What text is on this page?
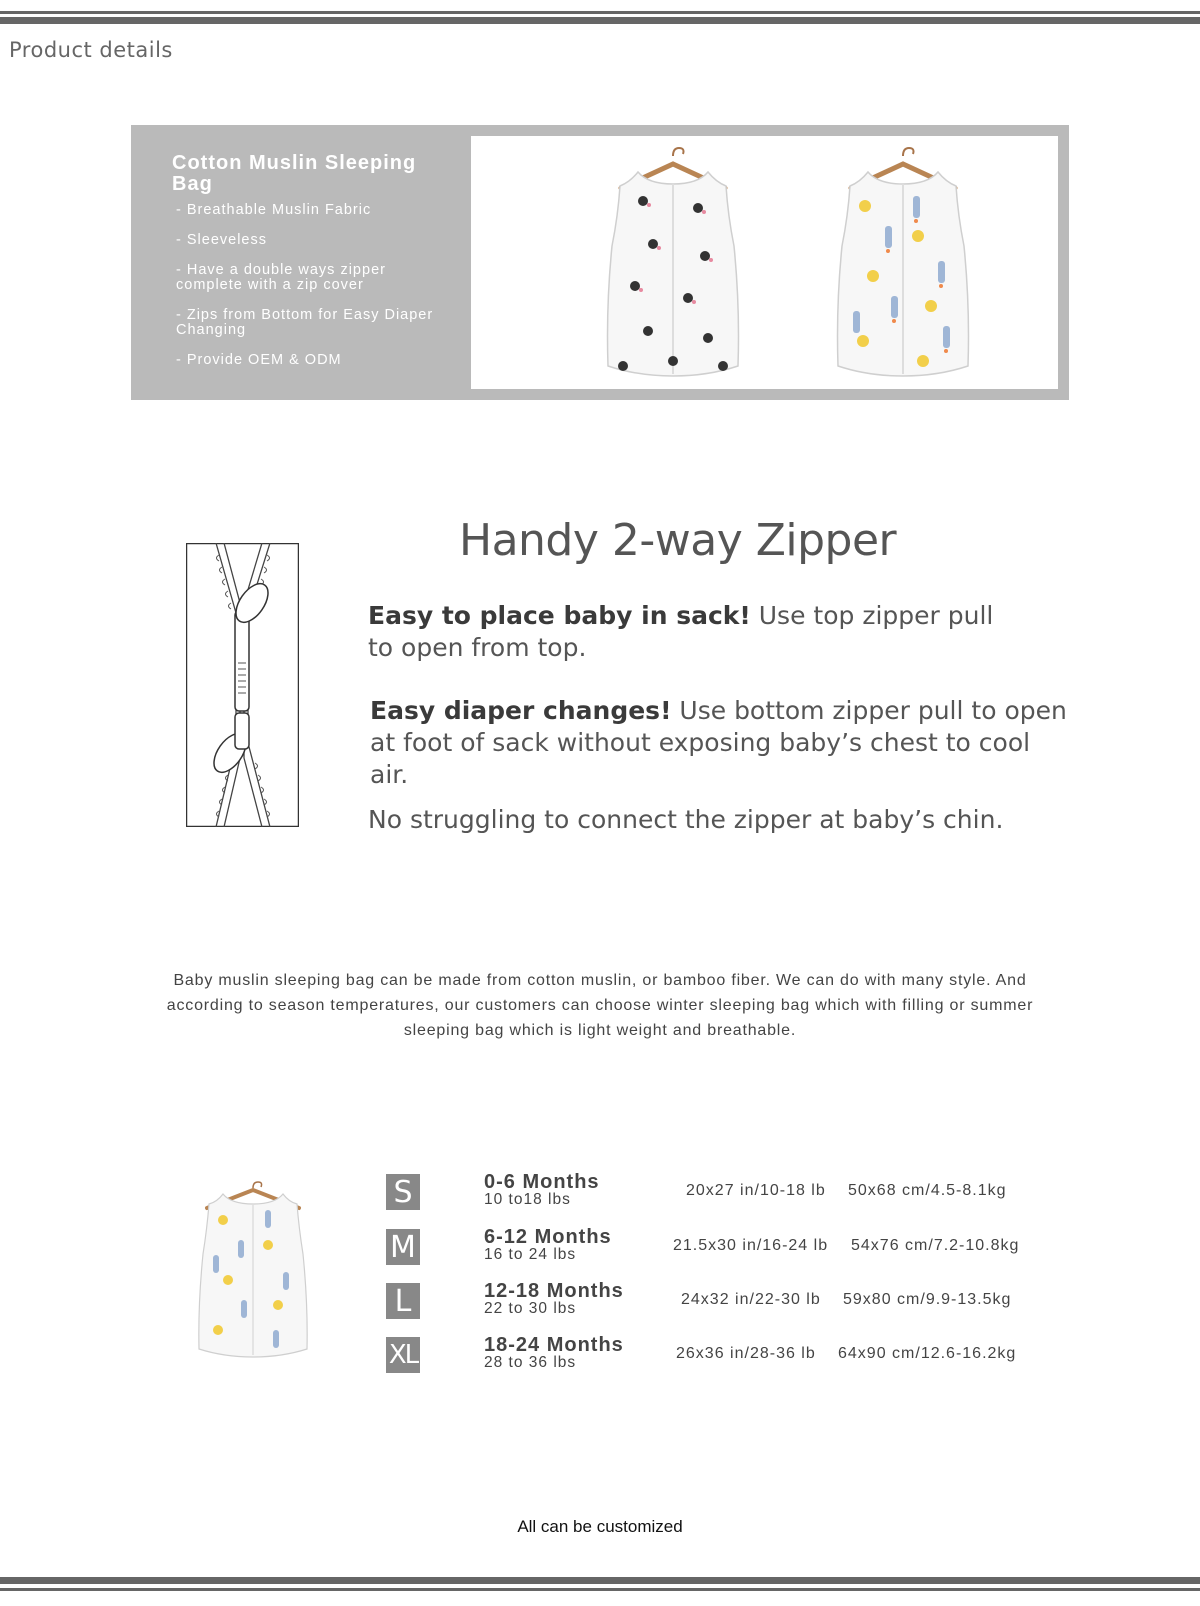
Product details
Cotton Muslin Sleeping Bag
- Breathable Muslin Fabric
- Sleeveless
- Have a double ways zipper complete with a zip cover
- Zips from Bottom for Easy Diaper Changing
- Provide OEM & ODM
Handy 2-way Zipper

Easy to place baby in sack! Use top zipper pull to open from top.

Easy diaper changes! Use bottom zipper pull to open at foot of sack without exposing baby’s chest to cool air.

No struggling to connect the zipper at baby’s chin.

Baby muslin sleeping bag can be made from cotton muslin, or bamboo fiber. We can do with many style. And according to season temperatures, our customers can choose winter sleeping bag which with filling or summer sleeping bag which is light weight and breathable.

S	0-6 Months
10 to18 lbs
20x27 in/10-18 lb 50x68 cm/4.5-8.1kg
M	6-12 Months
16 to 24 lbs
21.5x30 in/16-24 lb 54x76 cm/7.2-10.8kg
L	12-18 Months
22 to 30 lbs
24x32 in/22-30 lb 59x80 cm/9.9-13.5kg
XL	18-24 Months
28 to 36 lbs
26x36 in/28-36 lb 64x90 cm/12.6-16.2kg
All can be customized
